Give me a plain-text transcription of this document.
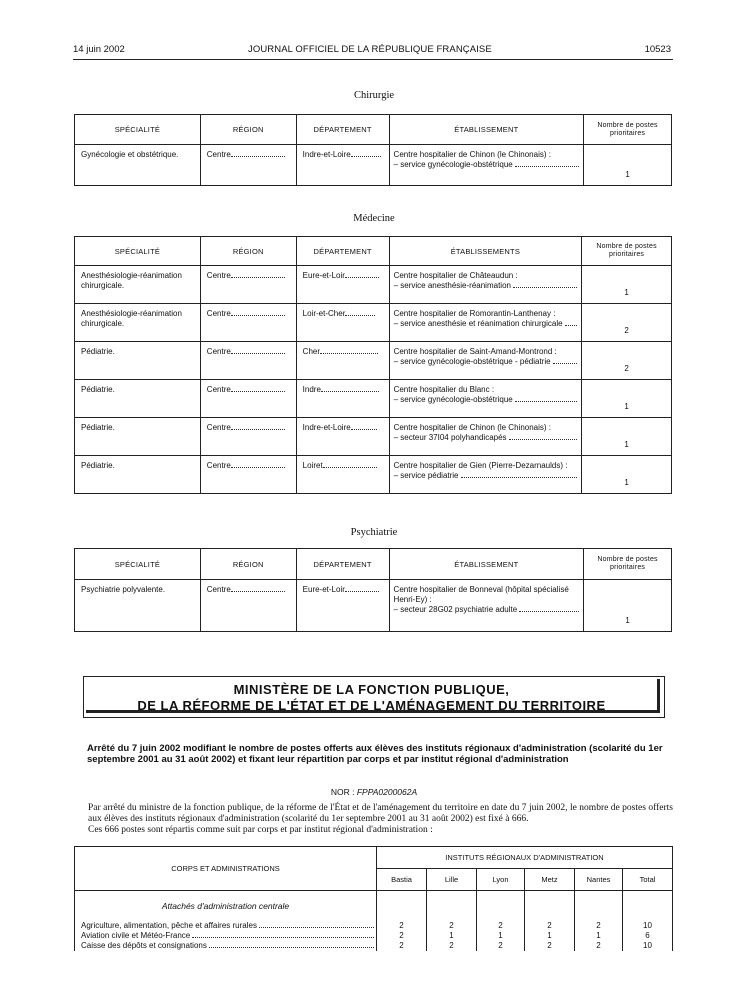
14 juin 2002	JOURNAL OFFICIEL DE LA RÉPUBLIQUE FRANÇAISE	10523
Chirurgie
SPÉCIALITÉ	RÉGION	DÉPARTEMENT	ÉTABLISSEMENT	Nombre de postes prioritaires

Gynécologie et obstétrique.	Centre	Indre-et-Loire	Centre hospitalier de Chinon (le Chinonais) :
– service gynécologie-obstétrique	1
Médecine
SPÉCIALITÉ	RÉGION	DÉPARTEMENT	ÉTABLISSEMENTS	Nombre de postes prioritaires

Anesthésiologie-réanimation chirurgicale.	Centre	Eure-et-Loir	Centre hospitalier de Châteaudun :
– service anesthésie-réanimation	1

Anesthésiologie-réanimation chirurgicale.	Centre	Loir-et-Cher	Centre hospitalier de Romorantin-Lanthenay :
– service anesthésie et réanimation chirurgicale	2

Pédiatrie.	Centre	Cher	Centre hospitalier de Saint-Amand-Montrond :
– service gynécologie-obstétrique - pédiatrie	2

Pédiatrie.	Centre	Indre	Centre hospitalier du Blanc :
– service gynécologie-obstétrique	1

Pédiatrie.	Centre	Indre-et-Loire	Centre hospitalier de Chinon (le Chinonais) :
– secteur 37I04 polyhandicapés	1

Pédiatrie.	Centre	Loiret	Centre hospitalier de Gien (Pierre-Dezarnaulds) :
– service pédiatrie	1
Psychiatrie
SPÉCIALITÉ	RÉGION	DÉPARTEMENT	ÉTABLISSEMENT	Nombre de postes prioritaires

Psychiatrie polyvalente.	Centre	Eure-et-Loir	Centre hospitalier de Bonneval (hôpital spécialisé Henri-Ey) :
– secteur 28G02 psychiatrie adulte	1
MINISTÈRE DE LA FONCTION PUBLIQUE,
DE LA RÉFORME DE L'ÉTAT ET DE L'AMÉNAGEMENT DU TERRITOIRE
Arrêté du 7 juin 2002 modifiant le nombre de postes offerts aux élèves des instituts régionaux d'administration (scolarité du 1er septembre 2001 au 31 août 2002) et fixant leur répartition par corps et par institut régional d'administration
NOR : FPPA0200062A
Par arrêté du ministre de la fonction publique, de la réforme de l'État et de l'aménagement du territoire en date du 7 juin 2002, le nombre de postes offerts aux élèves des instituts régionaux d'administration (scolarité du 1er septembre 2001 au 31 août 2002) est fixé à 666.
Ces 666 postes sont répartis comme suit par corps et par institut régional d'administration :
CORPS ET ADMINISTRATIONS	INSTITUTS RÉGIONAUX D'ADMINISTRATION					
	Bastia	Lille	Lyon	Metz	Nantes	Total
Attachés d'administration centrale						

Agriculture, alimentation, pêche et affaires rurales	2	2	2	2	2	10

Aviation civile et Météo-France	2	1	1	1	1	6

Caisse des dépôts et consignations	2	2	2	2	2	10
